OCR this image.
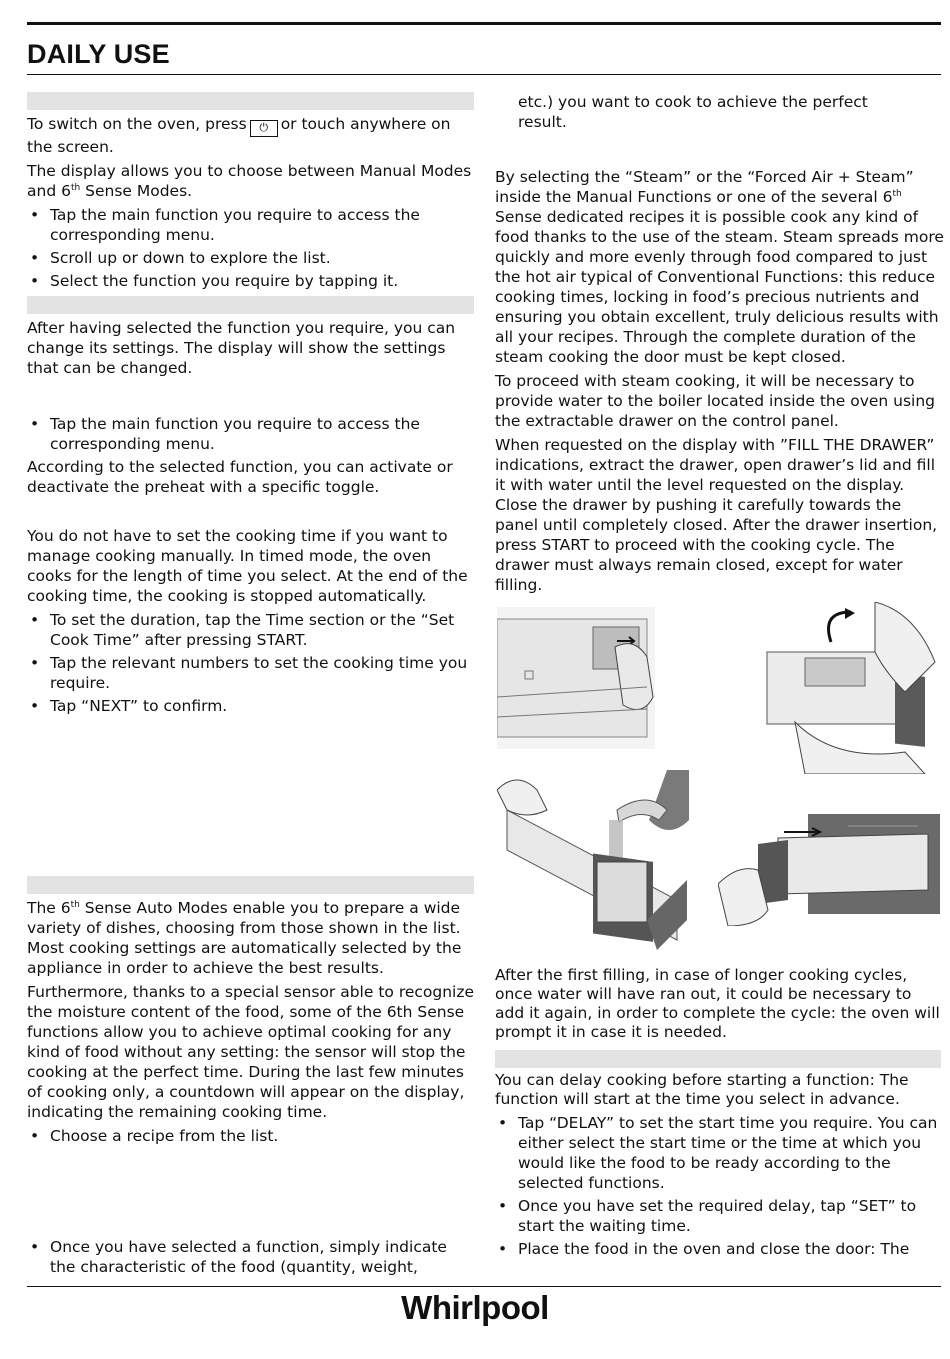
DAILY USE

To switch on the oven, press ⏻ or touch anywhere on the screen.

The display allows you to choose between Manual Modes and 6th Sense Modes.

• Tap the main function you require to access the corresponding menu.
• Scroll up or down to explore the list.
• Select the function you require by tapping it.

After having selected the function you require, you can change its settings. The display will show the settings that can be changed.

• Tap the main function you require to access the corresponding menu.

According to the selected function, you can activate or deactivate the preheat with a specific toggle.

You do not have to set the cooking time if you want to manage cooking manually. In timed mode, the oven cooks for the length of time you select. At the end of the cooking time, the cooking is stopped automatically.

• To set the duration, tap the Time section or the “Set Cook Time” after pressing START.
• Tap the relevant numbers to set the cooking time you require.
• Tap “NEXT” to confirm.

The 6th Sense Auto Modes enable you to prepare a wide variety of dishes, choosing from those shown in the list. Most cooking settings are automatically selected by the appliance in order to achieve the best results.

Furthermore, thanks to a special sensor able to recognize the moisture content of the food, some of the 6th Sense functions allow you to achieve optimal cooking for any kind of food without any setting: the sensor will stop the cooking at the perfect time. During the last few minutes of cooking only, a countdown will appear on the display, indicating the remaining cooking time.

• Choose a recipe from the list.
• Once you have selected a function, simply indicate the characteristic of the food (quantity, weight,

etc.) you want to cook to achieve the perfect result.

By selecting the “Steam” or the “Forced Air + Steam” inside the Manual Functions or one of the several 6th Sense dedicated recipes it is possible cook any kind of food thanks to the use of the steam. Steam spreads more quickly and more evenly through food compared to just the hot air typical of Conventional Functions: this reduce cooking times, locking in food’s precious nutrients and ensuring you obtain excellent, truly delicious results with all your recipes. Through the complete duration of the steam cooking the door must be kept closed.

To proceed with steam cooking, it will be necessary to provide water to the boiler located inside the oven using the extractable drawer on the control panel.

When requested on the display with ”FILL THE DRAWER” indications, extract the drawer, open drawer’s lid and fill it with water until the level requested on the display. Close the drawer by pushing it carefully towards the panel until completely closed. After the drawer insertion, press START to proceed with the cooking cycle. The drawer must always remain closed, except for water filling.

After the first filling, in case of longer cooking cycles, once water will have ran out, it could be necessary to add it again, in order to complete the cycle: the oven will prompt it in case it is needed.

You can delay cooking before starting a function: The function will start at the time you select in advance.

• Tap “DELAY” to set the start time you require. You can either select the start time or the time at which you would like the food to be ready according to the selected functions.
• Once you have set the required delay, tap “SET” to start the waiting time.
• Place the food in the oven and close the door: The
Whirlpool
